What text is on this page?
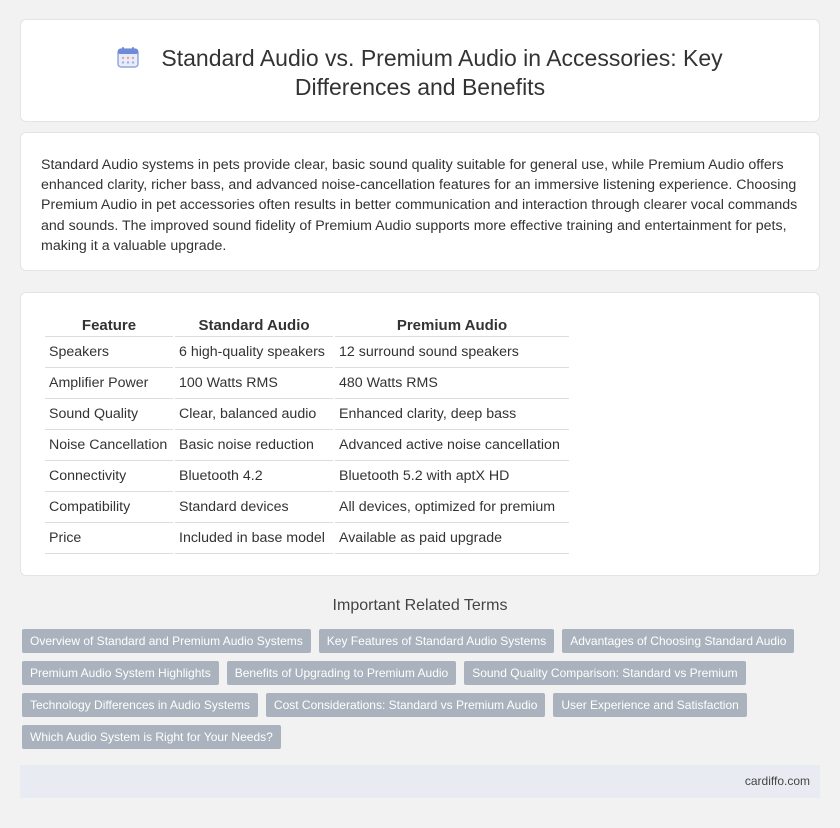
Standard Audio vs. Premium Audio in Accessories: Key Differences and Benefits

Standard Audio systems in pets provide clear, basic sound quality suitable for general use, while Premium Audio offers enhanced clarity, richer bass, and advanced noise-cancellation features for an immersive listening experience. Choosing Premium Audio in pet accessories often results in better communication and interaction through clearer vocal commands and sounds. The improved sound fidelity of Premium Audio supports more effective training and entertainment for pets, making it a valuable upgrade.

Feature	Standard Audio	Premium Audio
Speakers	6 high-quality speakers	12 surround sound speakers
Amplifier Power	100 Watts RMS	480 Watts RMS
Sound Quality	Clear, balanced audio	Enhanced clarity, deep bass
Noise Cancellation	Basic noise reduction	Advanced active noise cancellation
Connectivity	Bluetooth 4.2	Bluetooth 5.2 with aptX HD
Compatibility	Standard devices	All devices, optimized for premium
Price	Included in base model	Available as paid upgrade
Important Related Terms
Overview of Standard and Premium Audio Systems	Key Features of Standard Audio Systems	Advantages of Choosing Standard Audio
Premium Audio System Highlights	Benefits of Upgrading to Premium Audio	Sound Quality Comparison: Standard vs Premium
Technology Differences in Audio Systems	Cost Considerations: Standard vs Premium Audio	User Experience and Satisfaction
Which Audio System is Right for Your Needs?
cardiffo.com
